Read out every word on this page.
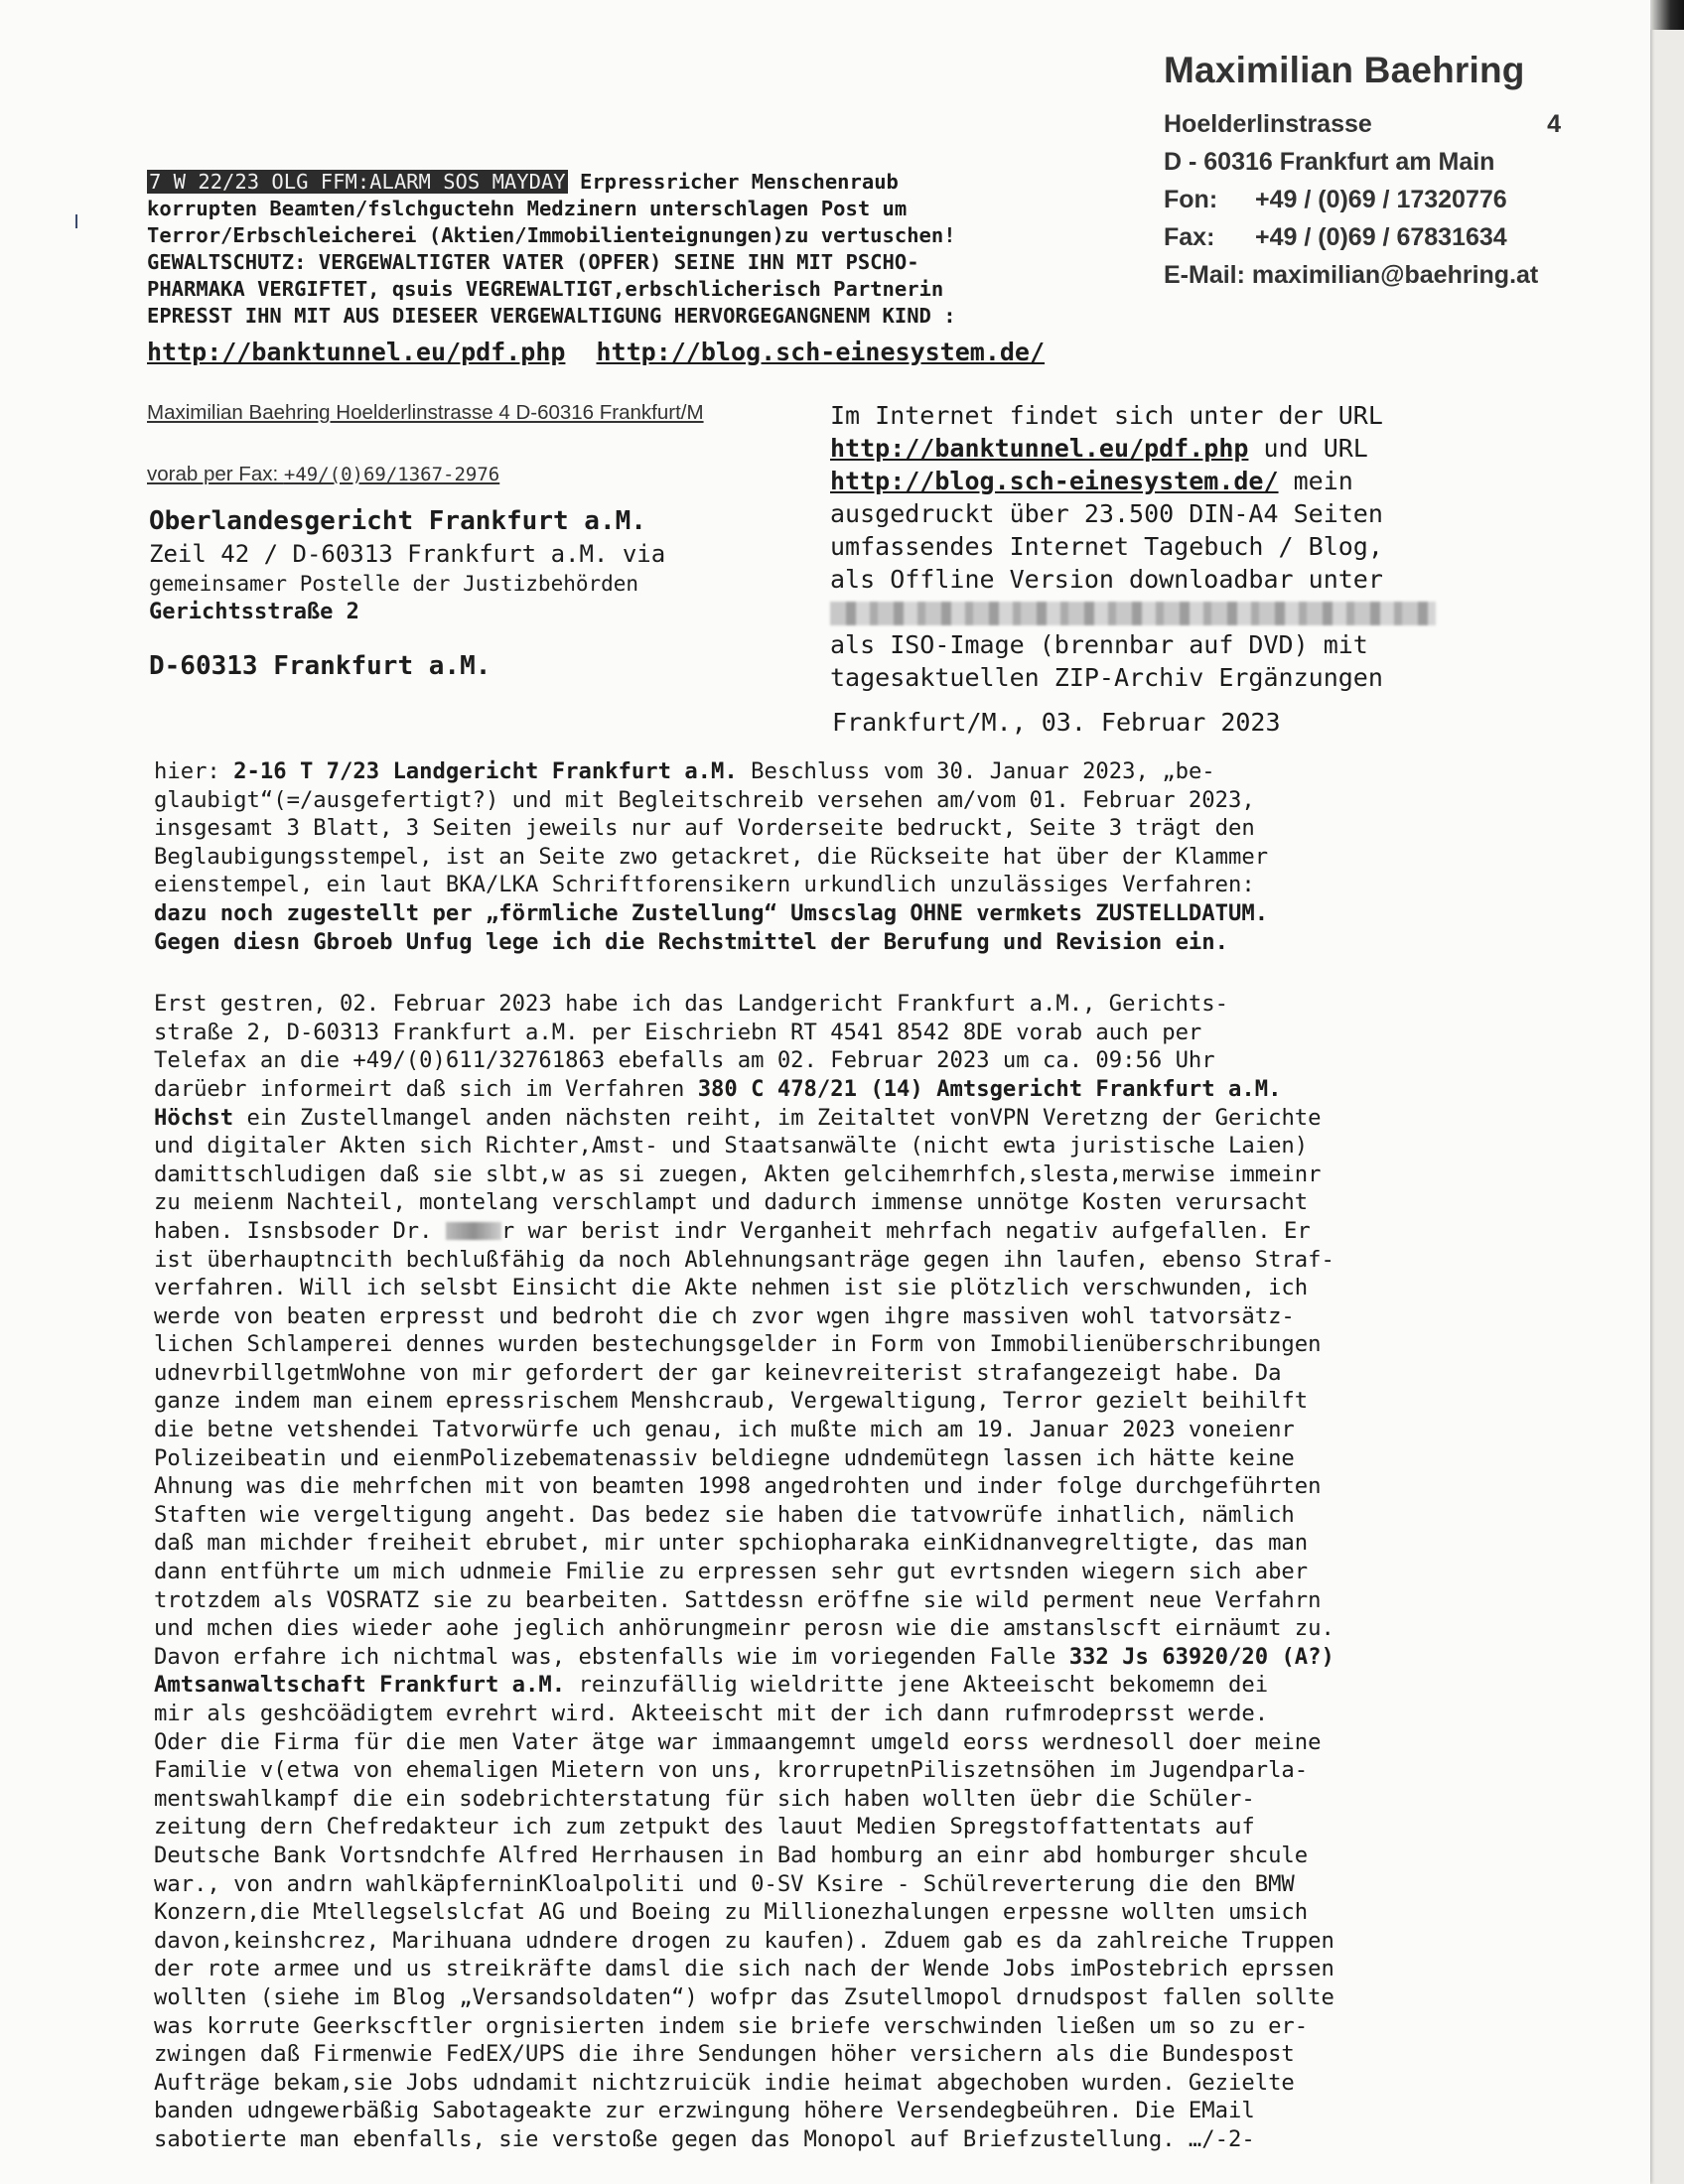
Maximilian Baehring
Hoelderlinstrasse	4
D - 60316 Frankfurt am Main
Fon: +49 / (0)69 / 17320776
Fax: +49 / (0)69 / 67831634
E-Mail: maximilian@baehring.at
7 W 22/23 OLG FFM:ALARM SOS MAYDAY Erpressricher Menschenraub
korrupten Beamten/fslchguctehn Medzinern unterschlagen Post um
Terror/Erbschleicherei (Aktien/Immobilienteignungen)zu vertuschen!
GEWALTSCHUTZ: VERGEWALTIGTER VATER (OPFER) SEINE IHN MIT PSCHO-
PHARMAKA VERGIFTET, qsuis VEGREWALTIGT,erbschlicherisch Partnerin
EPRESST IHN MIT AUS DIESEER VERGEWALTIGUNG HERVORGEGANGNENM KIND :
http://banktunnel.eu/pdf.php http://blog.sch-einesystem.de/
Maximilian Baehring Hoelderlinstrasse 4 D-60316 Frankfurt/M
vorab per Fax: +49/(0)69/1367-2976
Oberlandesgericht Frankfurt a.M.
Zeil 42 / D-60313 Frankfurt a.M. via
gemeinsamer Postelle der Justizbehörden
Gerichtsstraße 2
D-60313 Frankfurt a.M.
Im Internet findet sich unter der URL
http://banktunnel.eu/pdf.php und URL
http://blog.sch-einesystem.de/ mein
ausgedruckt über 23.500 DIN-A4 Seiten
umfassendes Internet Tagebuch / Blog,
als Offline Version downloadbar unter
als ISO-Image (brennbar auf DVD) mit
tagesaktuellen ZIP-Archiv Ergänzungen
Frankfurt/M., 03. Februar 2023

hier: 2-16 T 7/23 Landgericht Frankfurt a.M. Beschluss vom 30. Januar 2023, „be-

glaubigt“(=/ausgefertigt?) und mit Begleitschreib versehen am/vom 01. Februar 2023,

insgesamt 3 Blatt, 3 Seiten jeweils nur auf Vorderseite bedruckt, Seite 3 trägt den

Beglaubigungsstempel, ist an Seite zwo getackret, die Rückseite hat über der Klammer

eienstempel, ein laut BKA/LKA Schriftforensikern urkundlich unzulässiges Verfahren:

dazu noch zugestellt per „förmliche Zustellung“ Umscslag OHNE vermkets ZUSTELLDATUM.

Gegen diesn Gbroeb Unfug lege ich die Rechstmittel der Berufung und Revision ein.

Erst gestren, 02. Februar 2023 habe ich das Landgericht Frankfurt a.M., Gerichts-

straße 2, D-60313 Frankfurt a.M. per Eischriebn RT 4541 8542 8DE vorab auch per

Telefax an die +49/(0)611/32761863 ebefalls am 02. Februar 2023 um ca. 09:56 Uhr

darüebr informeirt daß sich im Verfahren 380 C 478/21 (14) Amtsgericht Frankfurt a.M.

Höchst ein Zustellmangel anden nächsten reiht, im Zeitaltet vonVPN Veretzng der Gerichte

und digitaler Akten sich Richter,Amst- und Staatsanwälte (nicht ewta juristische Laien)

damittschludigen daß sie slbt,w as si zuegen, Akten gelcihemrhfch,slesta,merwise immeinr

zu meienm Nachteil, montelang verschlampt und dadurch immense unnötge Kosten verursacht

haben. Isnsbsoder Dr.	r war berist indr Verganheit mehrfach negativ aufgefallen. Er

ist überhauptncith bechlußfähig da noch Ablehnungsanträge gegen ihn laufen, ebenso Straf-

verfahren. Will ich selsbt Einsicht die Akte nehmen ist sie plötzlich verschwunden, ich

werde von beaten erpresst und bedroht die ch zvor wgen ihgre massiven wohl tatvorsätz-

lichen Schlamperei dennes wurden bestechungsgelder in Form von Immobilienüberschribungen

udnevrbillgetmWohne von mir gefordert der gar keinevreiterist strafangezeigt habe. Da

ganze indem man einem epressrischem Menshcraub, Vergewaltigung, Terror gezielt beihilft

die betne vetshendei Tatvorwürfe uch genau, ich mußte mich am 19. Januar 2023 voneienr

Polizeibeatin und eienmPolizebematenassiv beldiegne udndemütegn lassen ich hätte keine

Ahnung was die mehrfchen mit von beamten 1998 angedrohten und inder folge durchgeführten

Staften wie vergeltigung angeht. Das bedez sie haben die tatvowrüfe inhatlich, nämlich

daß man michder freiheit ebrubet, mir unter spchiopharaka einKidnanvegreltigte, das man

dann entführte um mich udnmeie Fmilie zu erpressen sehr gut evrtsnden wiegern sich aber

trotzdem als VOSRATZ sie zu bearbeiten. Sattdessn eröffne sie wild perment neue Verfahrn

und mchen dies wieder aohe jeglich anhörungmeinr perosn wie die amstanslscft eirnäumt zu.

Davon erfahre ich nichtmal was, ebstenfalls wie im voriegenden Falle 332 Js 63920/20 (A?)

Amtsanwaltschaft Frankfurt a.M. reinzufällig wieldritte jene Akteeischt bekomemn dei

mir als geshcöädigtem evrehrt wird. Akteeischt mit der ich dann rufmrodeprsst werde.

Oder die Firma für die men Vater ätge war immaangemnt umgeld eorss werdnesoll doer meine

Familie v(etwa von ehemaligen Mietern von uns, krorrupetnPiliszetnsöhen im Jugendparla-

mentswahlkampf die ein sodebrichterstatung für sich haben wollten üebr die Schüler-

zeitung dern Chefredakteur ich zum zetpukt des lauut Medien Spregstoffattentats auf

Deutsche Bank Vortsndchfe Alfred Herrhausen in Bad homburg an einr abd homburger shcule

war., von andrn wahlkäpferninKloalpoliti und 0-SV Ksire - Schülreverterung die den BMW

Konzern,die Mtellegselslcfat AG und Boeing zu Millionezhalungen erpessne wollten umsich

davon,keinshcrez, Marihuana udndere drogen zu kaufen). Zduem gab es da zahlreiche Truppen

der rote armee und us streikräfte damsl die sich nach der Wende Jobs imPostebrich eprssen

wollten (siehe im Blog „Versandsoldaten“) wofpr das Zsutellmopol drnudspost fallen sollte

was korrute Geerkscftler orgnisierten indem sie briefe verschwinden ließen um so zu er-

zwingen daß Firmenwie FedEX/UPS die ihre Sendungen höher versichern als die Bundespost

Aufträge bekam,sie Jobs udndamit nichtzruicük indie heimat abgechoben wurden. Gezielte

banden udngewerbäßig Sabotageakte zur erzwingung höhere Versendegbeühren. Die EMail

sabotierte man ebenfalls, sie verstoße gegen das Monopol auf Briefzustellung. …/-2-
